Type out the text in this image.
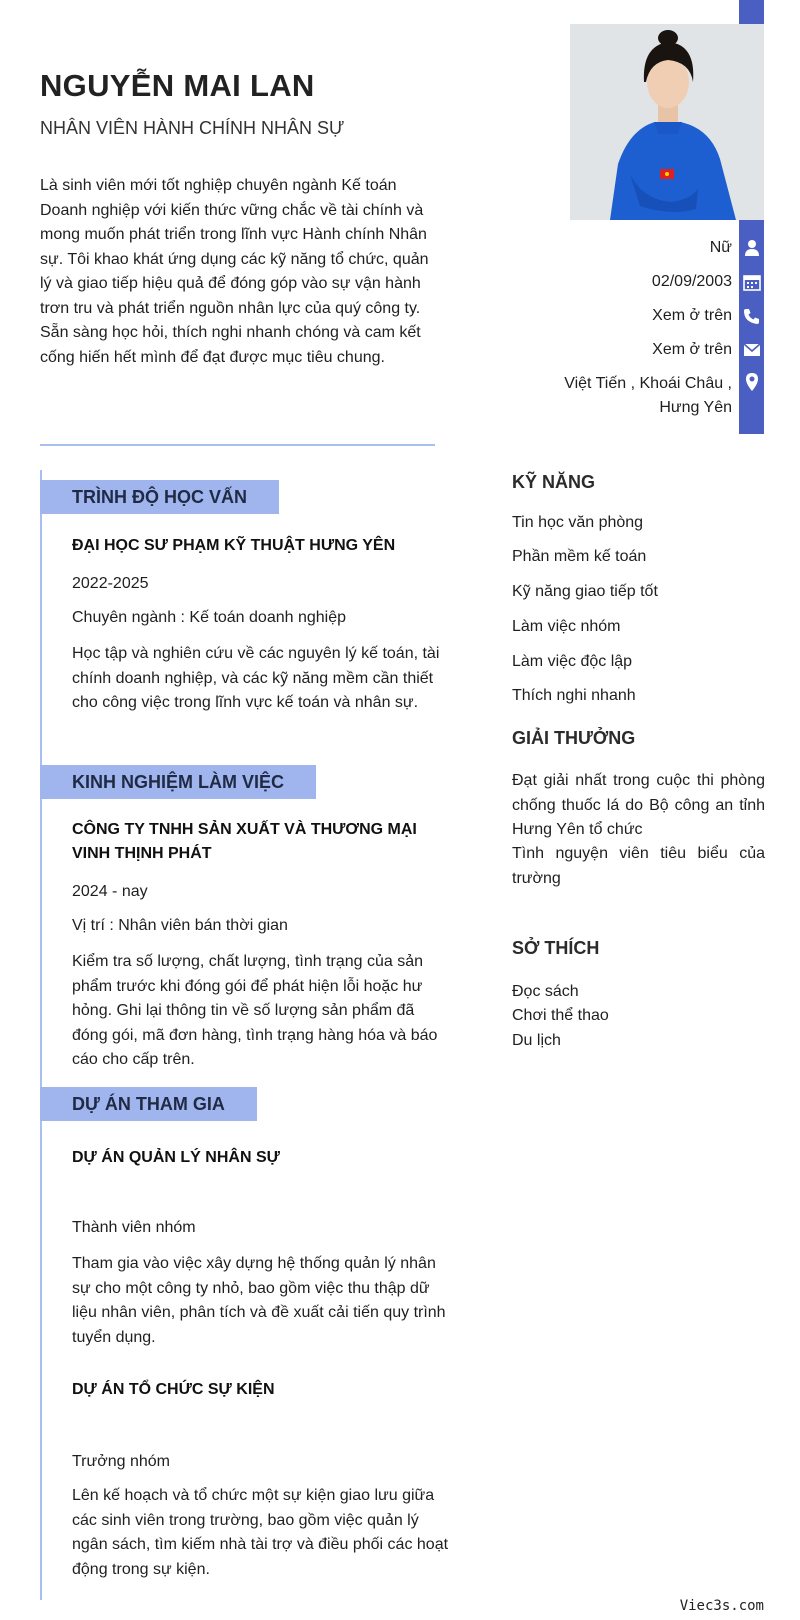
NGUYỄN MAI LAN
NHÂN VIÊN HÀNH CHÍNH NHÂN SỰ
Là sinh viên mới tốt nghiệp chuyên ngành Kế toán Doanh nghiệp với kiến thức vững chắc về tài chính và mong muốn phát triển trong lĩnh vực Hành chính Nhân sự. Tôi khao khát ứng dụng các kỹ năng tổ chức, quản lý và giao tiếp hiệu quả để đóng góp vào sự vận hành trơn tru và phát triển nguồn nhân lực của quý công ty. Sẵn sàng học hỏi, thích nghi nhanh chóng và cam kết cống hiến hết mình để đạt được mục tiêu chung.
Nữ
02/09/2003
Xem ở trên
Xem ở trên
Việt Tiến , Khoái Châu ,
Hưng Yên
TRÌNH ĐỘ HỌC VẤN
ĐẠI HỌC SƯ PHẠM KỸ THUẬT HƯNG YÊN
2022-2025
Chuyên ngành : Kế toán doanh nghiệp
Học tập và nghiên cứu về các nguyên lý kế toán, tài chính doanh nghiệp, và các kỹ năng mềm cần thiết cho công việc trong lĩnh vực kế toán và nhân sự.
KINH NGHIỆM LÀM VIỆC
CÔNG TY TNHH SẢN XUẤT VÀ THƯƠNG MẠI VINH THỊNH PHÁT
2024 - nay
Vị trí : Nhân viên bán thời gian
Kiểm tra số lượng, chất lượng, tình trạng của sản phẩm trước khi đóng gói để phát hiện lỗi hoặc hư hỏng. Ghi lại thông tin về số lượng sản phẩm đã đóng gói, mã đơn hàng, tình trạng hàng hóa và báo cáo cho cấp trên.
DỰ ÁN THAM GIA
DỰ ÁN QUẢN LÝ NHÂN SỰ
Thành viên nhóm
Tham gia vào việc xây dựng hệ thống quản lý nhân sự cho một công ty nhỏ, bao gồm việc thu thập dữ liệu nhân viên, phân tích và đề xuất cải tiến quy trình tuyển dụng.
DỰ ÁN TỔ CHỨC SỰ KIỆN
Trưởng nhóm
Lên kế hoạch và tổ chức một sự kiện giao lưu giữa các sinh viên trong trường, bao gồm việc quản lý ngân sách, tìm kiếm nhà tài trợ và điều phối các hoạt động trong sự kiện.
KỸ NĂNG
Tin học văn phòng
Phần mềm kế toán
Kỹ năng giao tiếp tốt
Làm việc nhóm
Làm việc độc lập
Thích nghi nhanh
GIẢI THƯỞNG
Đạt giải nhất trong cuộc thi phòng chống thuốc lá do Bộ công an tỉnh Hưng Yên tổ chức
Tình nguyện viên tiêu biểu của trường
SỞ THÍCH
Đọc sách
Chơi thể thao
Du lịch
Viec3s.com
